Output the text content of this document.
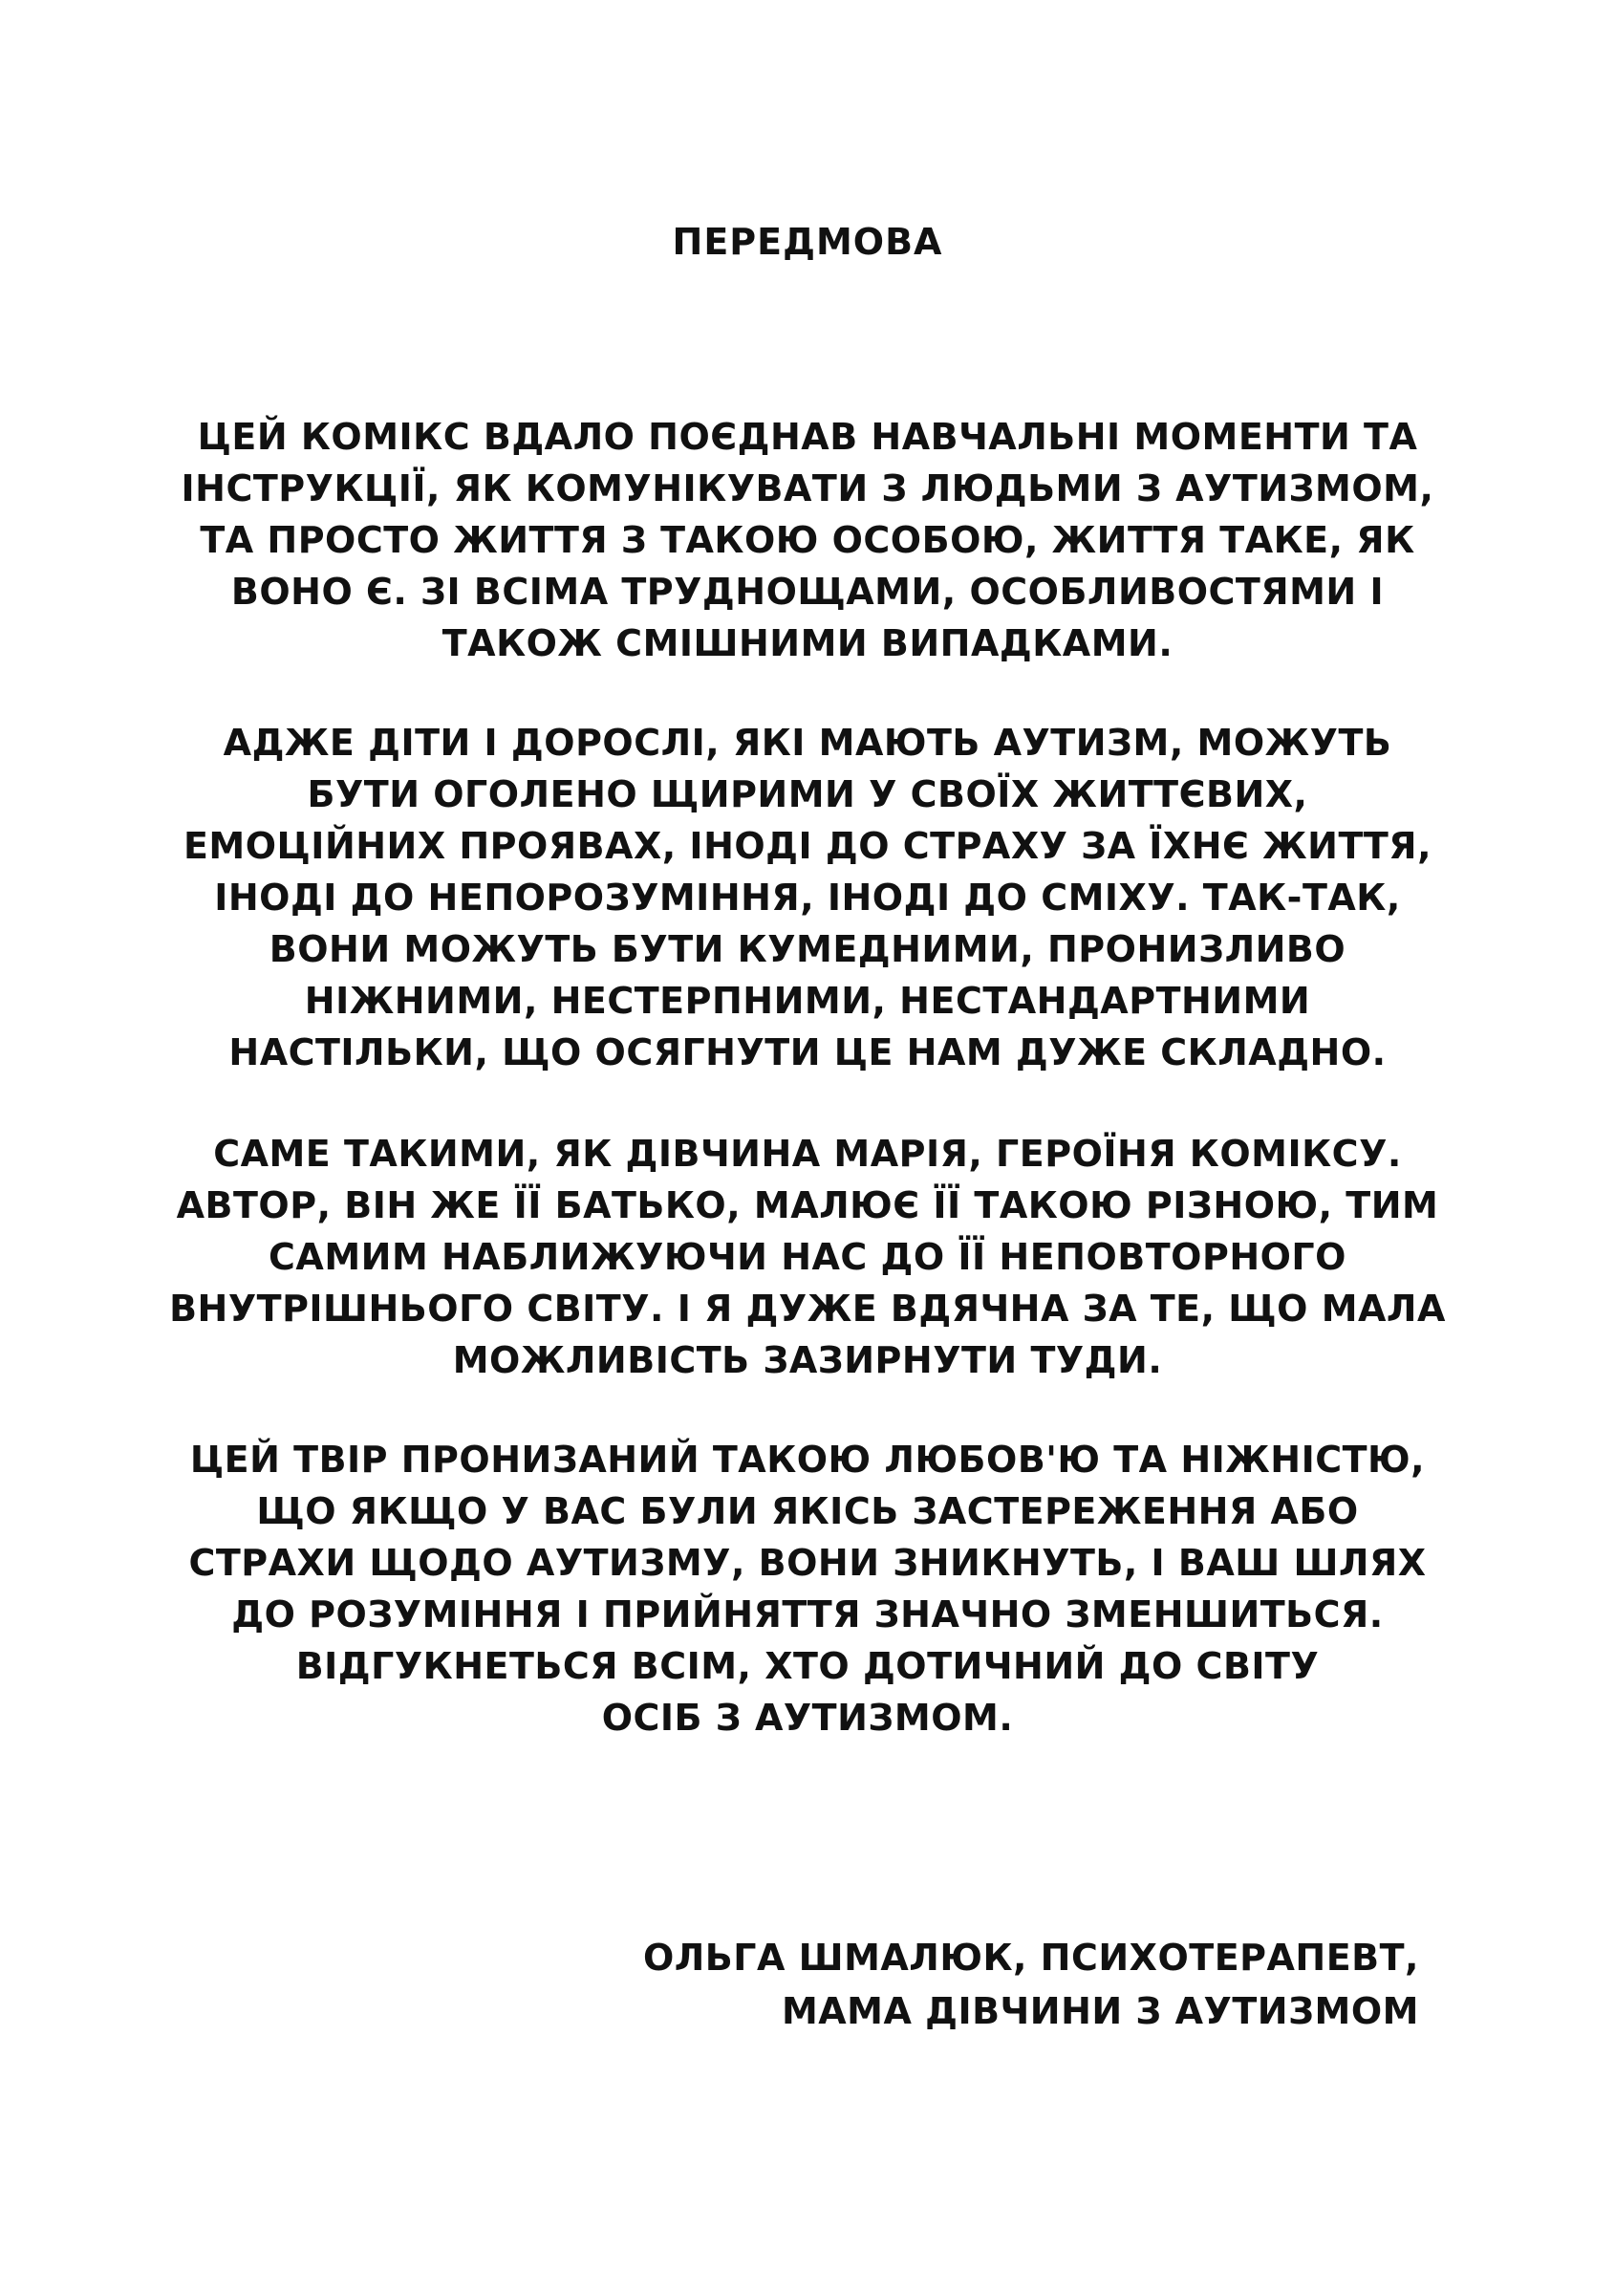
ПЕРЕДМОВА
ЦЕЙ КОМІКС ВДАЛО ПОЄДНАВ НАВЧАЛЬНІ МОМЕНТИ ТА
ІНСТРУКЦІЇ, ЯК КОМУНІКУВАТИ З ЛЮДЬМИ З АУТИЗМОМ,
ТА ПРОСТО ЖИТТЯ З ТАКОЮ ОСОБОЮ, ЖИТТЯ ТАКЕ, ЯК
ВОНО Є. ЗІ ВСІМА ТРУДНОЩАМИ, ОСОБЛИВОСТЯМИ І
ТАКОЖ СМІШНИМИ ВИПАДКАМИ.
АДЖЕ ДІТИ І ДОРОСЛІ, ЯКІ МАЮТЬ АУТИЗМ, МОЖУТЬ
БУТИ ОГОЛЕНО ЩИРИМИ У СВОЇХ ЖИТТЄВИХ,
ЕМОЦІЙНИХ ПРОЯВАХ, ІНОДІ ДО СТРАХУ ЗА ЇХНЄ ЖИТТЯ,
ІНОДІ ДО НЕПОРОЗУМІННЯ, ІНОДІ ДО СМІХУ. ТАК-ТАК,
ВОНИ МОЖУТЬ БУТИ КУМЕДНИМИ, ПРОНИЗЛИВО
НІЖНИМИ, НЕСТЕРПНИМИ, НЕСТАНДАРТНИМИ
НАСТІЛЬКИ, ЩО ОСЯГНУТИ ЦЕ НАМ ДУЖЕ СКЛАДНО.
САМЕ ТАКИМИ, ЯК ДІВЧИНА МАРІЯ, ГЕРОЇНЯ КОМІКСУ.
АВТОР, ВІН ЖЕ ЇЇ БАТЬКО, МАЛЮЄ ЇЇ ТАКОЮ РІЗНОЮ, ТИМ
САМИМ НАБЛИЖУЮЧИ НАС ДО ЇЇ НЕПОВТОРНОГО
ВНУТРІШНЬОГО СВІТУ. І Я ДУЖЕ ВДЯЧНА ЗА ТЕ, ЩО МАЛА
МОЖЛИВІСТЬ ЗАЗИРНУТИ ТУДИ.
ЦЕЙ ТВІР ПРОНИЗАНИЙ ТАКОЮ ЛЮБОВ'Ю ТА НІЖНІСТЮ,
ЩО ЯКЩО У ВАС БУЛИ ЯКІСЬ ЗАСТЕРЕЖЕННЯ АБО
СТРАХИ ЩОДО АУТИЗМУ, ВОНИ ЗНИКНУТЬ, І ВАШ ШЛЯХ
ДО РОЗУМІННЯ І ПРИЙНЯТТЯ ЗНАЧНО ЗМЕНШИТЬСЯ.
ВІДГУКНЕТЬСЯ ВСІМ, ХТО ДОТИЧНИЙ ДО СВІТУ
ОСІБ З АУТИЗМОМ.
ОЛЬГА ШМАЛЮК, ПСИХОТЕРАПЕВТ,
МАМА ДІВЧИНИ З АУТИЗМОМ
